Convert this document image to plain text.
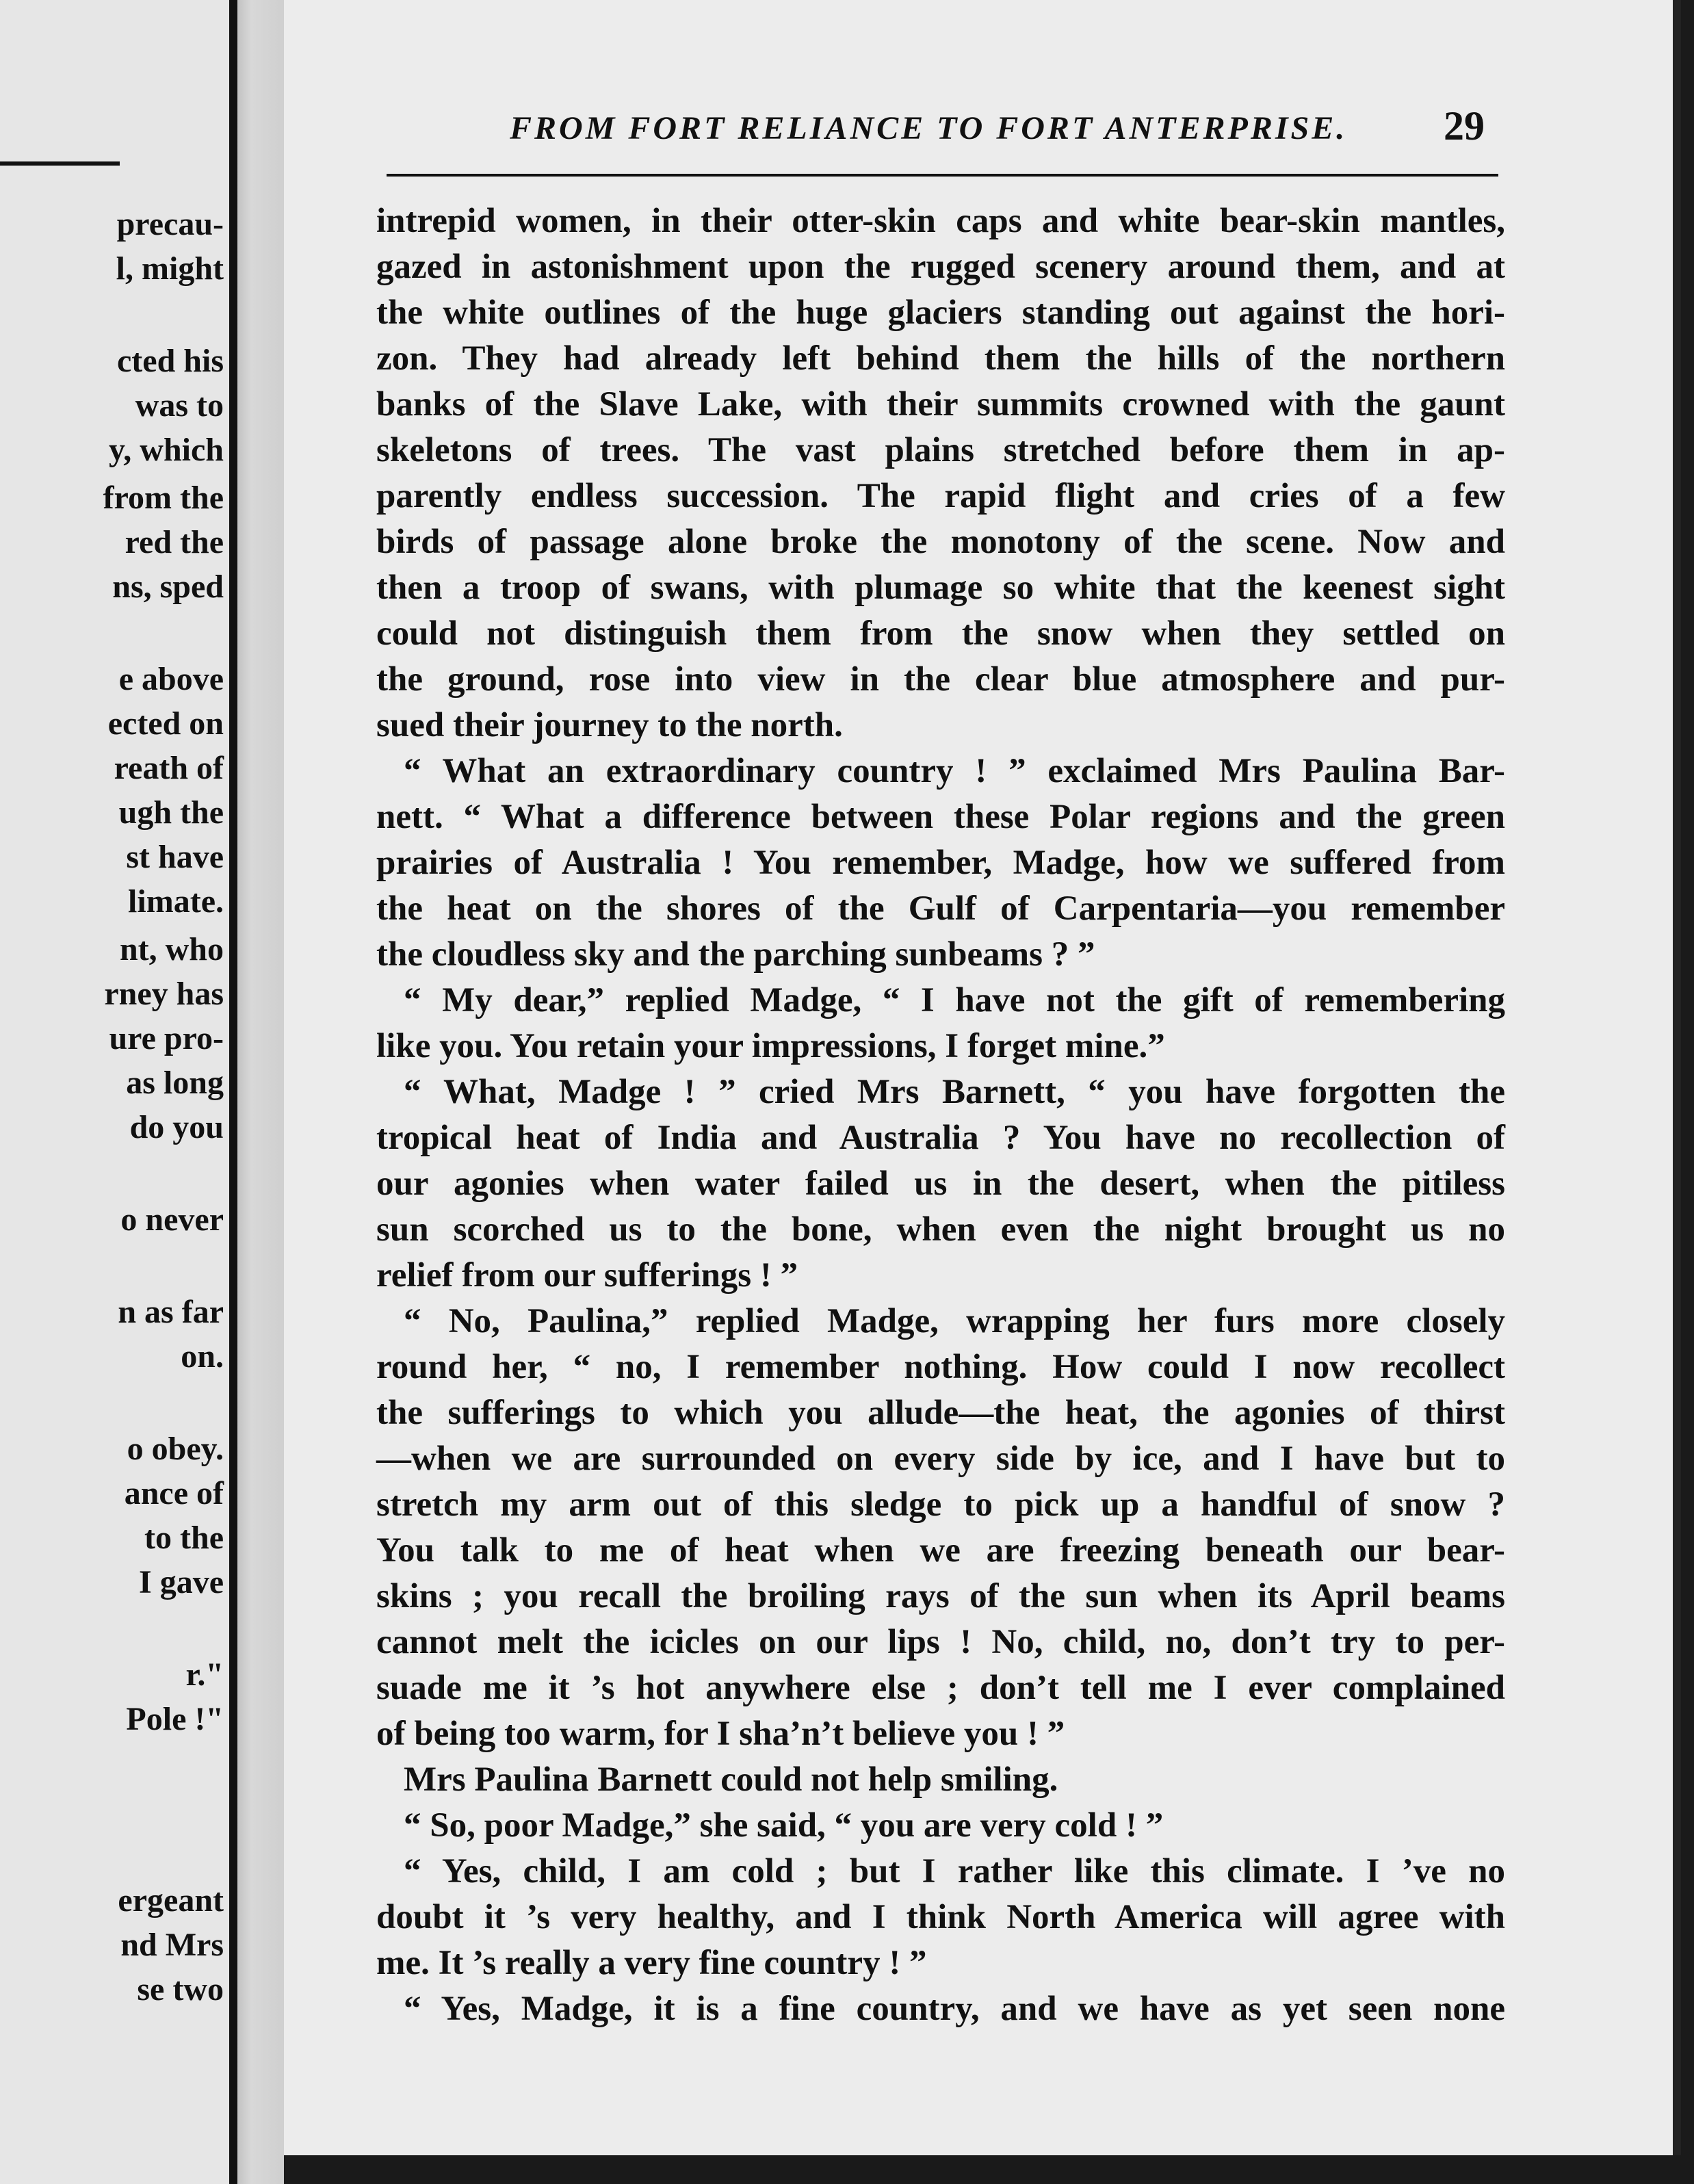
precau-
l, might
cted his
was to
y, which
from the
red the
ns, sped
e above
ected on
reath of
ugh the
st have
limate.
nt, who
rney has
ure pro-
as long
do you
o never
n as far
on.
o obey.
ance of
to the
I gave
r."
Pole !"
ergeant
nd Mrs
se two
FROM FORT RELIANCE TO FORT ANTERPRISE. 29
intrepid women, in their otter-skin caps and white bear-skin mantles,
gazed in astonishment upon the rugged scenery around them, and at
the white outlines of the huge glaciers standing out against the hori-
zon. They had already left behind them the hills of the northern
banks of the Slave Lake, with their summits crowned with the gaunt
skeletons of trees. The vast plains stretched before them in ap-
parently endless succession. The rapid flight and cries of a few
birds of passage alone broke the monotony of the scene. Now and
then a troop of swans, with plumage so white that the keenest sight
could not distinguish them from the snow when they settled on
the ground, rose into view in the clear blue atmosphere and pur-
sued their journey to the north.
“ What an extraordinary country ! ” exclaimed Mrs Paulina Bar-
nett. “ What a difference between these Polar regions and the green
prairies of Australia ! You remember, Madge, how we suffered from
the heat on the shores of the Gulf of Carpentaria—you remember
the cloudless sky and the parching sunbeams ? ”
“ My dear,” replied Madge, “ I have not the gift of remembering
like you. You retain your impressions, I forget mine.”
“ What, Madge ! ” cried Mrs Barnett, “ you have forgotten the
tropical heat of India and Australia ? You have no recollection of
our agonies when water failed us in the desert, when the pitiless
sun scorched us to the bone, when even the night brought us no
relief from our sufferings ! ”
“ No, Paulina,” replied Madge, wrapping her furs more closely
round her, “ no, I remember nothing. How could I now recollect
the sufferings to which you allude—the heat, the agonies of thirst
—when we are surrounded on every side by ice, and I have but to
stretch my arm out of this sledge to pick up a handful of snow ?
You talk to me of heat when we are freezing beneath our bear-
skins ; you recall the broiling rays of the sun when its April beams
cannot melt the icicles on our lips ! No, child, no, don’t try to per-
suade me it ’s hot anywhere else ; don’t tell me I ever complained
of being too warm, for I sha’n’t believe you ! ”
Mrs Paulina Barnett could not help smiling.
“ So, poor Madge,” she said, “ you are very cold ! ”
“ Yes, child, I am cold ; but I rather like this climate. I ’ve no
doubt it ’s very healthy, and I think North America will agree with
me. It ’s really a very fine country ! ”
“ Yes, Madge, it is a fine country, and we have as yet seen none
